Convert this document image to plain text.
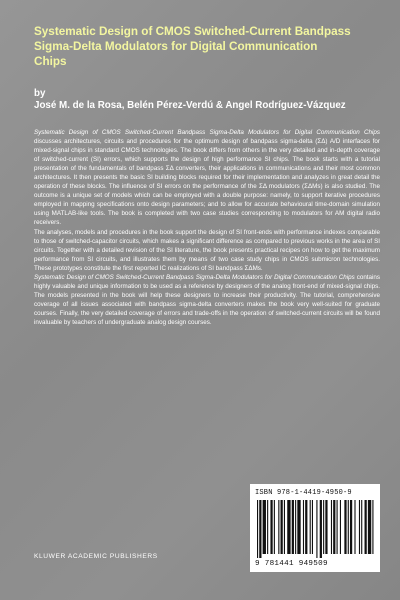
Systematic Design of CMOS Switched-Current Bandpass Sigma-Delta Modulators for Digital Communication Chips
by
José M. de la Rosa, Belén Pérez-Verdú & Angel Rodríguez-Vázquez

Systematic Design of CMOS Switched-Current Bandpass Sigma-Delta Modulators for Digital Communication Chips discusses architectures, circuits and procedures for the optimum design of bandpass sigma-delta (ΣΔ) A/D interfaces for mixed-signal chips in standard CMOS technologies. The book differs from others in the very detailed and in-depth coverage of switched-current (SI) errors, which supports the design of high performance SI chips. The book starts with a tutorial presentation of the fundamentals of bandpass ΣΔ converters, their applications in communications and their most common architectures. It then presents the basic SI building blocks required for their implementation and analyzes in great detail the operation of these blocks. The influence of SI errors on the performance of the ΣΔ modulators (ΣΔMs) is also studied. The outcome is a unique set of models which can be employed with a double purpose: namely, to support iterative procedures employed in mapping specifications onto design parameters; and to allow for accurate behavioural time-domain simulation using MATLAB-like tools. The book is completed with two case studies corresponding to modulators for AM digital radio receivers.

The analyses, models and procedures in the book support the design of SI front-ends with performance indexes comparable to those of switched-capacitor circuits, which makes a significant difference as compared to previous works in the area of SI circuits. Together with a detailed revision of the SI literature, the book presents practical recipes on how to get the maximum performance from SI circuits, and illustrates them by means of two case study chips in CMOS submicron technologies. These prototypes constitute the first reported IC realizations of SI bandpass ΣΔMs.

Systematic Design of CMOS Switched-Current Bandpass Sigma-Delta Modulators for Digital Communication Chips contains highly valuable and unique information to be used as a reference by designers of the analog front-end of mixed-signal chips. The models presented in the book will help these designers to increase their productivity. The tutorial, comprehensive coverage of all issues associated with bandpass sigma-delta converters makes the book very well-suited for graduate courses. Finally, the very detailed coverage of errors and trade-offs in the operation of switched-current circuits will be found invaluable by teachers of undergraduate analog design courses.

ISBN 978-1-4419-4950-9
9 781441 949509
KLUWER ACADEMIC PUBLISHERS
